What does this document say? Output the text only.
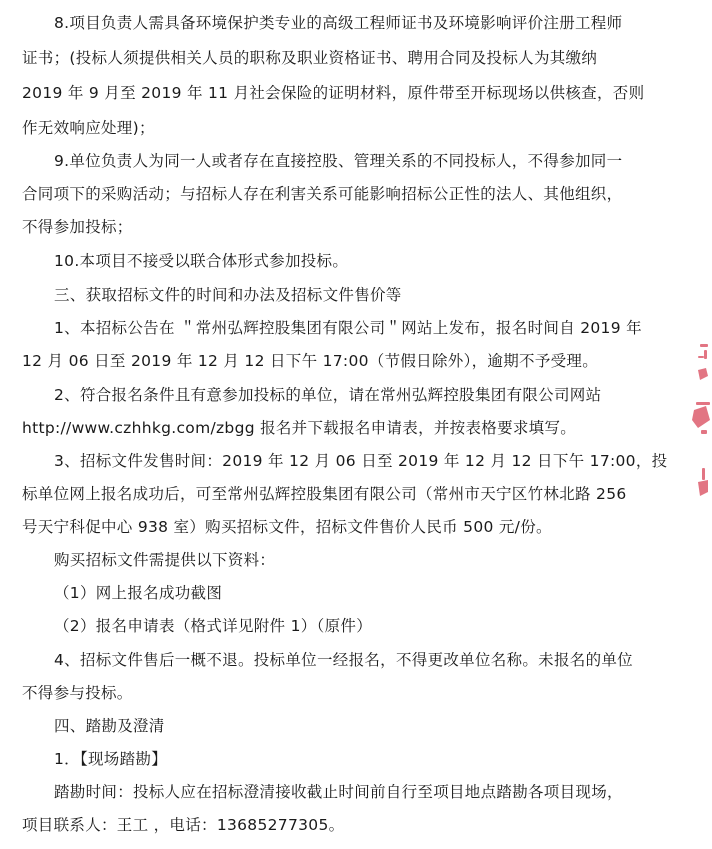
8.项目负责人需具备环境保护类专业的高级工程师证书及环境影响评价注册工程师
证书；(投标人须提供相关人员的职称及职业资格证书、聘用合同及投标人为其缴纳
2019 年 9 月至 2019 年 11 月社会保险的证明材料，原件带至开标现场以供核查，否则
作无效响应处理)；
9.单位负责人为同一人或者存在直接控股、管理关系的不同投标人，不得参加同一
合同项下的采购活动；与招标人存在利害关系可能影响招标公正性的法人、其他组织，
不得参加投标；
10.本项目不接受以联合体形式参加投标。
三、获取招标文件的时间和办法及招标文件售价等
1、本招标公告在 ＂常州弘辉控股集团有限公司＂网站上发布，报名时间自 2019 年
12 月 06 日至 2019 年 12 月 12 日下午 17:00（节假日除外），逾期不予受理。
2、符合报名条件且有意参加投标的单位，请在常州弘辉控股集团有限公司网站
http://www.czhhkg.com/zbgg 报名并下载报名申请表，并按表格要求填写。
3、招标文件发售时间：2019 年 12 月 06 日至 2019 年 12 月 12 日下午 17:00，投
标单位网上报名成功后，可至常州弘辉控股集团有限公司（常州市天宁区竹林北路 256
号天宁科促中心 938 室）购买招标文件，招标文件售价人民币 500 元/份。
购买招标文件需提供以下资料：
（1）网上报名成功截图
（2）报名申请表（格式详见附件 1）（原件）
4、招标文件售后一概不退。投标单位一经报名，不得更改单位名称。未报名的单位
不得参与投标。
四、踏勘及澄清
1．【现场踏勘】
踏勘时间：投标人应在招标澄清接收截止时间前自行至项目地点踏勘各项目现场，
项目联系人：王工 ，电话：13685277305。
